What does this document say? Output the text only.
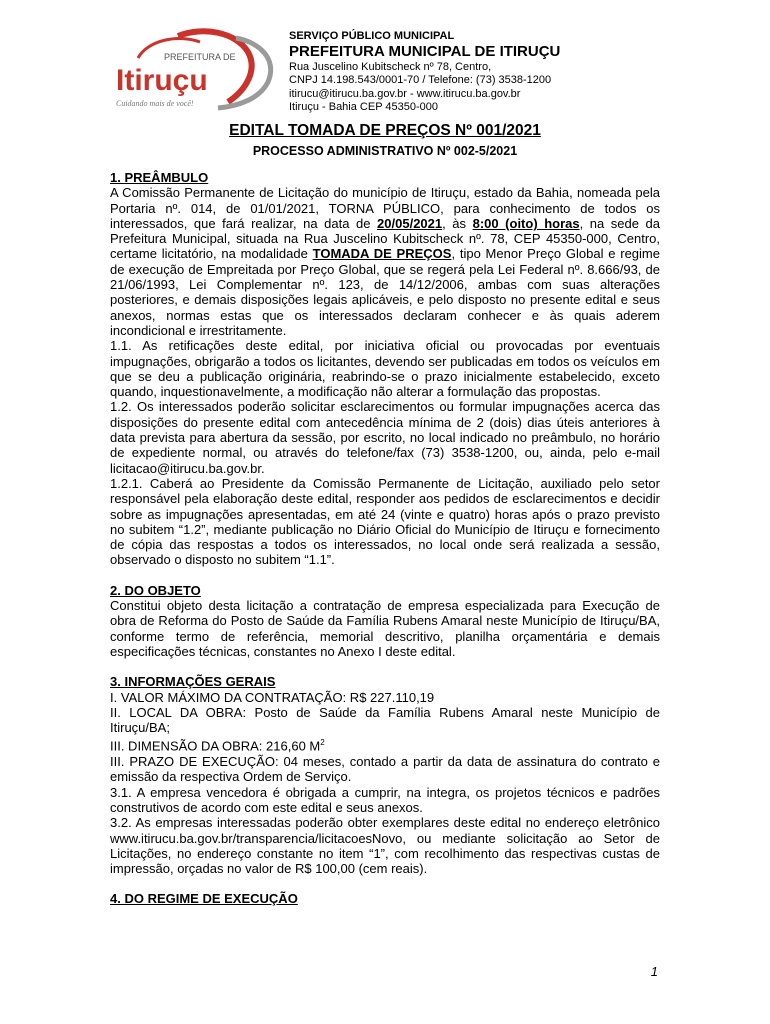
PREFEITURA DE
Itiruçu
Cuidando mais de você!
SERVIÇO PÚBLICO MUNICIPAL
PREFEITURA MUNICIPAL DE ITIRUÇU
Rua Juscelino Kubitscheck nº 78, Centro,
CNPJ 14.198.543/0001-70 / Telefone: (73) 3538-1200
itirucu@itirucu.ba.gov.br - www.itirucu.ba.gov.br
Itiruçu - Bahia CEP 45350-000
EDITAL TOMADA DE PREÇOS Nº 001/2021
PROCESSO ADMINISTRATIVO Nº 002-5/2021
1. PREÂMBULO

A Comissão Permanente de Licitação do município de Itiruçu, estado da Bahia, nomeada pela Portaria nº. 014, de 01/01/2021, TORNA PÚBLICO, para conhecimento de todos os interessados, que fará realizar, na data de 20/05/2021, às 8:00 (oito) horas, na sede da Prefeitura Municipal, situada na Rua Juscelino Kubitscheck nº. 78, CEP 45350-000, Centro, certame licitatório, na modalidade TOMADA DE PREÇOS, tipo Menor Preço Global e regime de execução de Empreitada por Preço Global, que se regerá pela Lei Federal nº. 8.666/93, de 21/06/1993, Lei Complementar nº. 123, de 14/12/2006, ambas com suas alterações posteriores, e demais disposições legais aplicáveis, e pelo disposto no presente edital e seus anexos, normas estas que os interessados declaram conhecer e às quais aderem incondicional e irrestritamente.

1.1. As retificações deste edital, por iniciativa oficial ou provocadas por eventuais impugnações, obrigarão a todos os licitantes, devendo ser publicadas em todos os veículos em que se deu a publicação originária, reabrindo-se o prazo inicialmente estabelecido, exceto quando, inquestionavelmente, a modificação não alterar a formulação das propostas.

1.2. Os interessados poderão solicitar esclarecimentos ou formular impugnações acerca das disposições do presente edital com antecedência mínima de 2 (dois) dias úteis anteriores à data prevista para abertura da sessão, por escrito, no local indicado no preâmbulo, no horário de expediente normal, ou através do telefone/fax (73) 3538-1200, ou, ainda, pelo e-mail licitacao@itirucu.ba.gov.br.

1.2.1. Caberá ao Presidente da Comissão Permanente de Licitação, auxiliado pelo setor responsável pela elaboração deste edital, responder aos pedidos de esclarecimentos e decidir sobre as impugnações apresentadas, em até 24 (vinte e quatro) horas após o prazo previsto no subitem “1.2”, mediante publicação no Diário Oficial do Município de Itiruçu e fornecimento de cópia das respostas a todos os interessados, no local onde será realizada a sessão, observado o disposto no subitem “1.1”.

2. DO OBJETO

Constitui objeto desta licitação a contratação de empresa especializada para Execução de obra de Reforma do Posto de Saúde da Família Rubens Amaral neste Município de Itiruçu/BA, conforme termo de referência, memorial descritivo, planilha orçamentária e demais especificações técnicas, constantes no Anexo I deste edital.

3. INFORMAÇÕES GERAIS

I. VALOR MÁXIMO DA CONTRATAÇÃO: R$ 227.110,19

II. LOCAL DA OBRA: Posto de Saúde da Família Rubens Amaral neste Município de Itiruçu/BA;

III. DIMENSÃO DA OBRA: 216,60 $M^2$

III. PRAZO DE EXECUÇÃO: 04 meses, contado a partir da data de assinatura do contrato e emissão da respectiva Ordem de Serviço.

3.1. A empresa vencedora é obrigada a cumprir, na integra, os projetos técnicos e padrões construtivos de acordo com este edital e seus anexos.

3.2. As empresas interessadas poderão obter exemplares deste edital no endereço eletrônico www.itirucu.ba.gov.br/transparencia/licitacoesNovo, ou mediante solicitação ao Setor de Licitações, no endereço constante no item “1”, com recolhimento das respectivas custas de impressão, orçadas no valor de R$ 100,00 (cem reais).

4. DO REGIME DE EXECUÇÃO
1
